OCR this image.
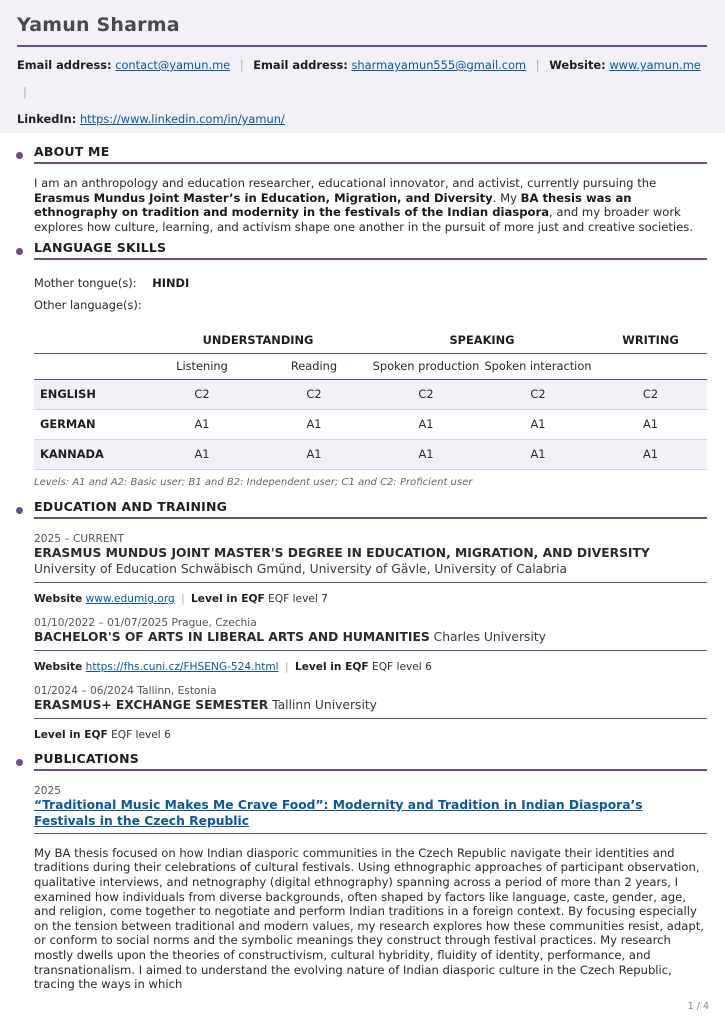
Yamun Sharma
Email address: contact@yamun.me | Email address: sharmayamun555@gmail.com | Website: www.yamun.me |
LinkedIn: https://www.linkedin.com/in/yamun/
ABOUT ME

I am an anthropology and education researcher, educational innovator, and activist, currently pursuing the Erasmus Mundus Joint Master’s in Education, Migration, and Diversity. My BA thesis was an ethnography on tradition and modernity in the festivals of the Indian diaspora, and my broader work explores how culture, learning, and activism shape one another in the pursuit of more just and creative societies.

LANGUAGE SKILLS
Mother tongue(s): HINDI
Other language(s):
	UNDERSTANDING		SPEAKING		WRITING
	Listening	Reading	Spoken production	Spoken interaction	
ENGLISH	C2	C2	C2	C2	C2
GERMAN	A1	A1	A1	A1	A1
KANNADA	A1	A1	A1	A1	A1
Levels: A1 and A2: Basic user; B1 and B2: Independent user; C1 and C2: Proficient user
EDUCATION AND TRAINING
2025 – CURRENT
ERASMUS MUNDUS JOINT MASTER'S DEGREE IN EDUCATION, MIGRATION, AND DIVERSITY University of Education Schwäbisch Gmünd, University of Gävle, University of Calabria
Website www.edumig.org | Level in EQF EQF level 7
01/10/2022 – 01/07/2025 Prague, Czechia
BACHELOR'S OF ARTS IN LIBERAL ARTS AND HUMANITIES Charles University
Website https://fhs.cuni.cz/FHSENG-524.html | Level in EQF EQF level 6
01/2024 – 06/2024 Tallinn, Estonia
ERASMUS+ EXCHANGE SEMESTER Tallinn University
Level in EQF EQF level 6
PUBLICATIONS
2025
“Traditional Music Makes Me Crave Food”: Modernity and Tradition in Indian Diaspora’s Festivals in the Czech Republic

My BA thesis focused on how Indian diasporic communities in the Czech Republic navigate their identities and traditions during their celebrations of cultural festivals. Using ethnographic approaches of participant observation, qualitative interviews, and netnography (digital ethnography) spanning across a period of more than 2 years, I examined how individuals from diverse backgrounds, often shaped by factors like language, caste, gender, age, and religion, come together to negotiate and perform Indian traditions in a foreign context. By focusing especially on the tension between traditional and modern values, my research explores how these communities resist, adapt, or conform to social norms and the symbolic meanings they construct through festival practices. My research mostly dwells upon the theories of constructivism, cultural hybridity, fluidity of identity, performance, and transnationalism. I aimed to understand the evolving nature of Indian diasporic culture in the Czech Republic, tracing the ways in which

1 / 4
